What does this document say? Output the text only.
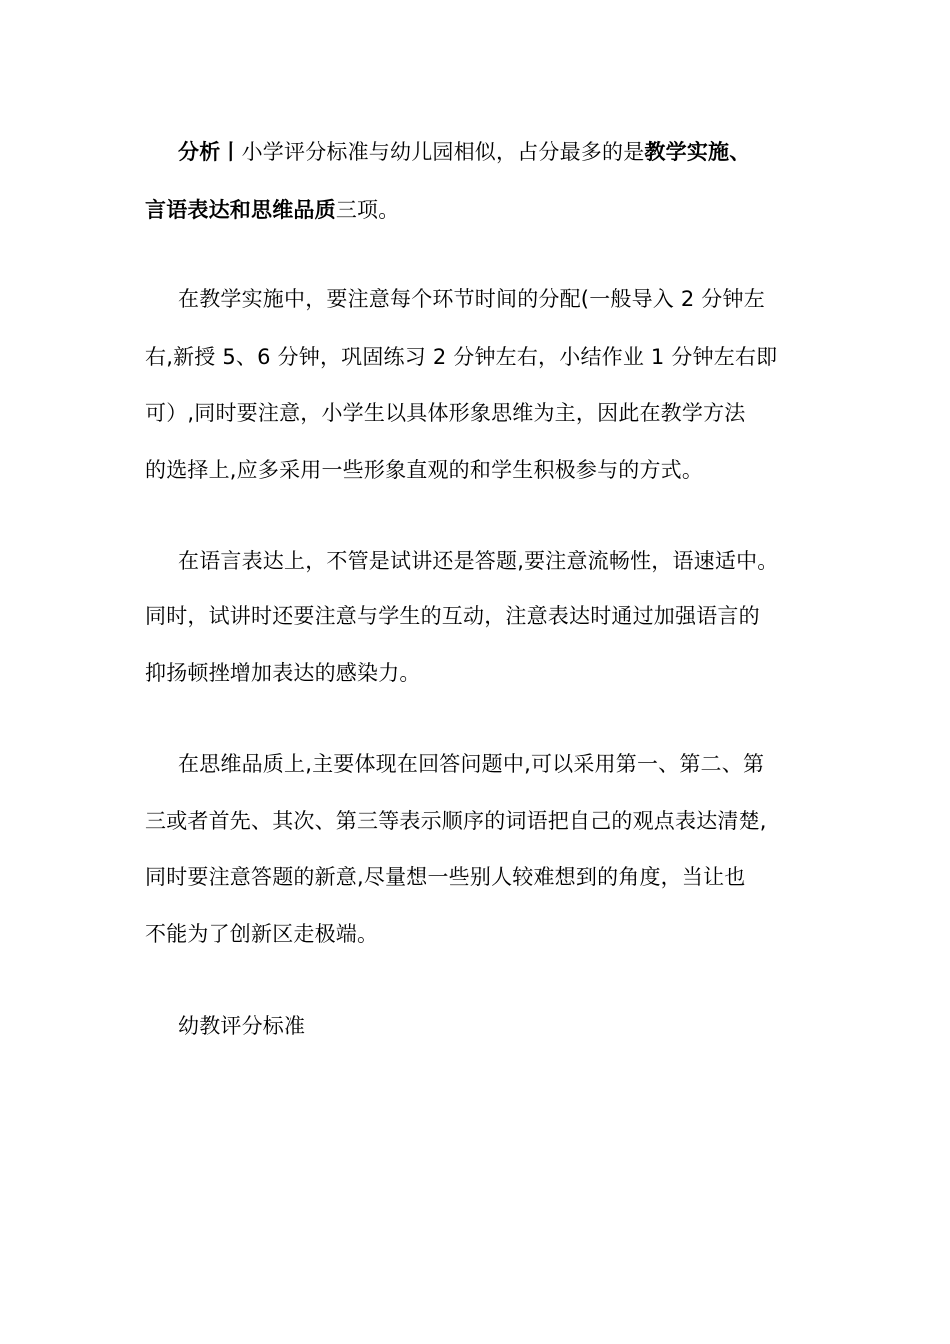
分析丨小学评分标准与幼儿园相似，占分最多的是教学实施、
言语表达和思维品质三项。
在教学实施中，要注意每个环节时间的分配(一般导入 2 分钟左
右,新授 5、6 分钟，巩固练习 2 分钟左右，小结作业 1 分钟左右即
可）,同时要注意，小学生以具体形象思维为主，因此在教学方法
的选择上,应多采用一些形象直观的和学生积极参与的方式。
在语言表达上，不管是试讲还是答题,要注意流畅性，语速适中。
同时，试讲时还要注意与学生的互动，注意表达时通过加强语言的
抑扬顿挫增加表达的感染力。
在思维品质上,主要体现在回答问题中,可以采用第一、第二、第
三或者首先、其次、第三等表示顺序的词语把自己的观点表达清楚,
同时要注意答题的新意,尽量想一些别人较难想到的角度，当让也
不能为了创新区走极端。
幼教评分标准
